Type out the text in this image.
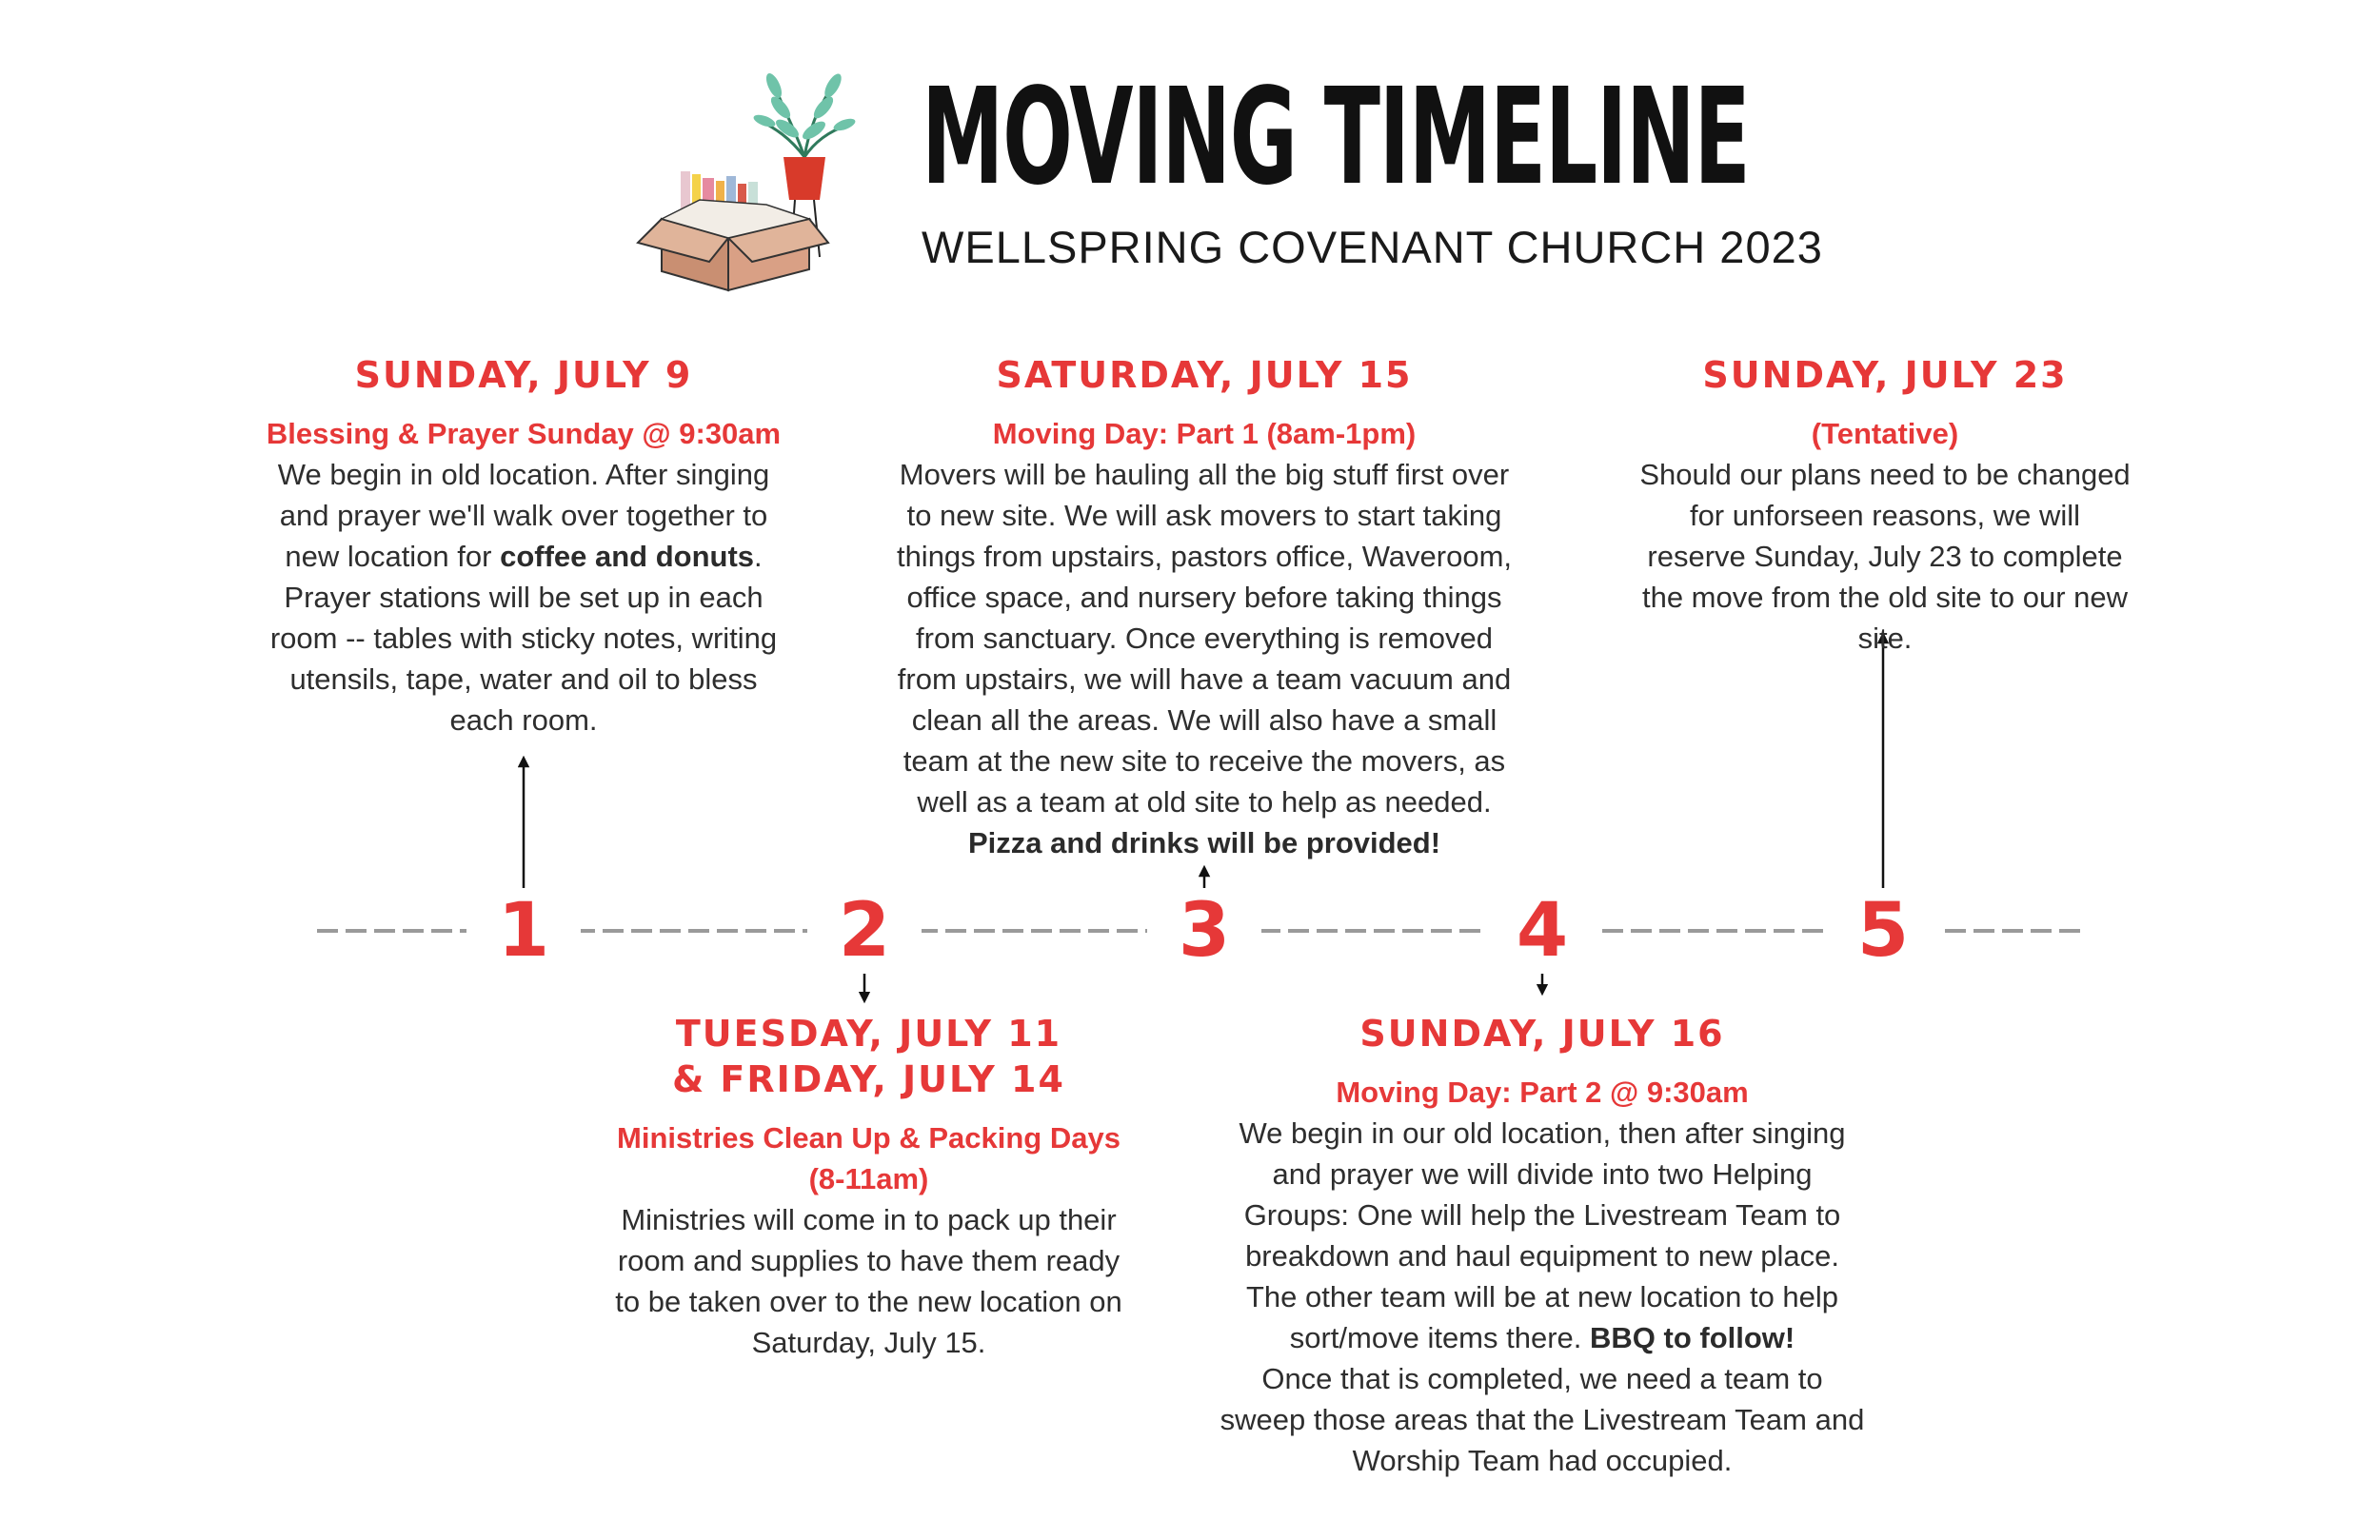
MOVING TIMELINE
WELLSPRING COVENANT CHURCH 2023
1	2	3	4	5
SUNDAY, JULY 9
Blessing & Prayer Sunday @ 9:30am
We begin in old location. After singing and prayer we'll walk over together to new location for coffee and donuts. Prayer stations will be set up in each room -- tables with sticky notes, writing utensils, tape, water and oil to bless each room.
SATURDAY, JULY 15
Moving Day: Part 1 (8am-1pm)
Movers will be hauling all the big stuff first over to new site. We will ask movers to start taking things from upstairs, pastors office, Waveroom, office space, and nursery before taking things from sanctuary. Once everything is removed from upstairs, we will have a team vacuum and clean all the areas. We will also have a small team at the new site to receive the movers, as well as a team at old site to help as needed.
Pizza and drinks will be provided!
SUNDAY, JULY 23
(Tentative)
Should our plans need to be changed for unforseen reasons, we will reserve Sunday, July 23 to complete the move from the old site to our new site.
TUESDAY, JULY 11
& FRIDAY, JULY 14
Ministries Clean Up & Packing Days
(8-11am)
Ministries will come in to pack up their room and supplies to have them ready to be taken over to the new location on Saturday, July 15.
SUNDAY, JULY 16
Moving Day: Part 2 @ 9:30am
We begin in our old location, then after singing and prayer we will divide into two Helping Groups: One will help the Livestream Team to breakdown and haul equipment to new place. The other team will be at new location to help sort/move items there. BBQ to follow!
Once that is completed, we need a team to sweep those areas that the Livestream Team and Worship Team had occupied.
